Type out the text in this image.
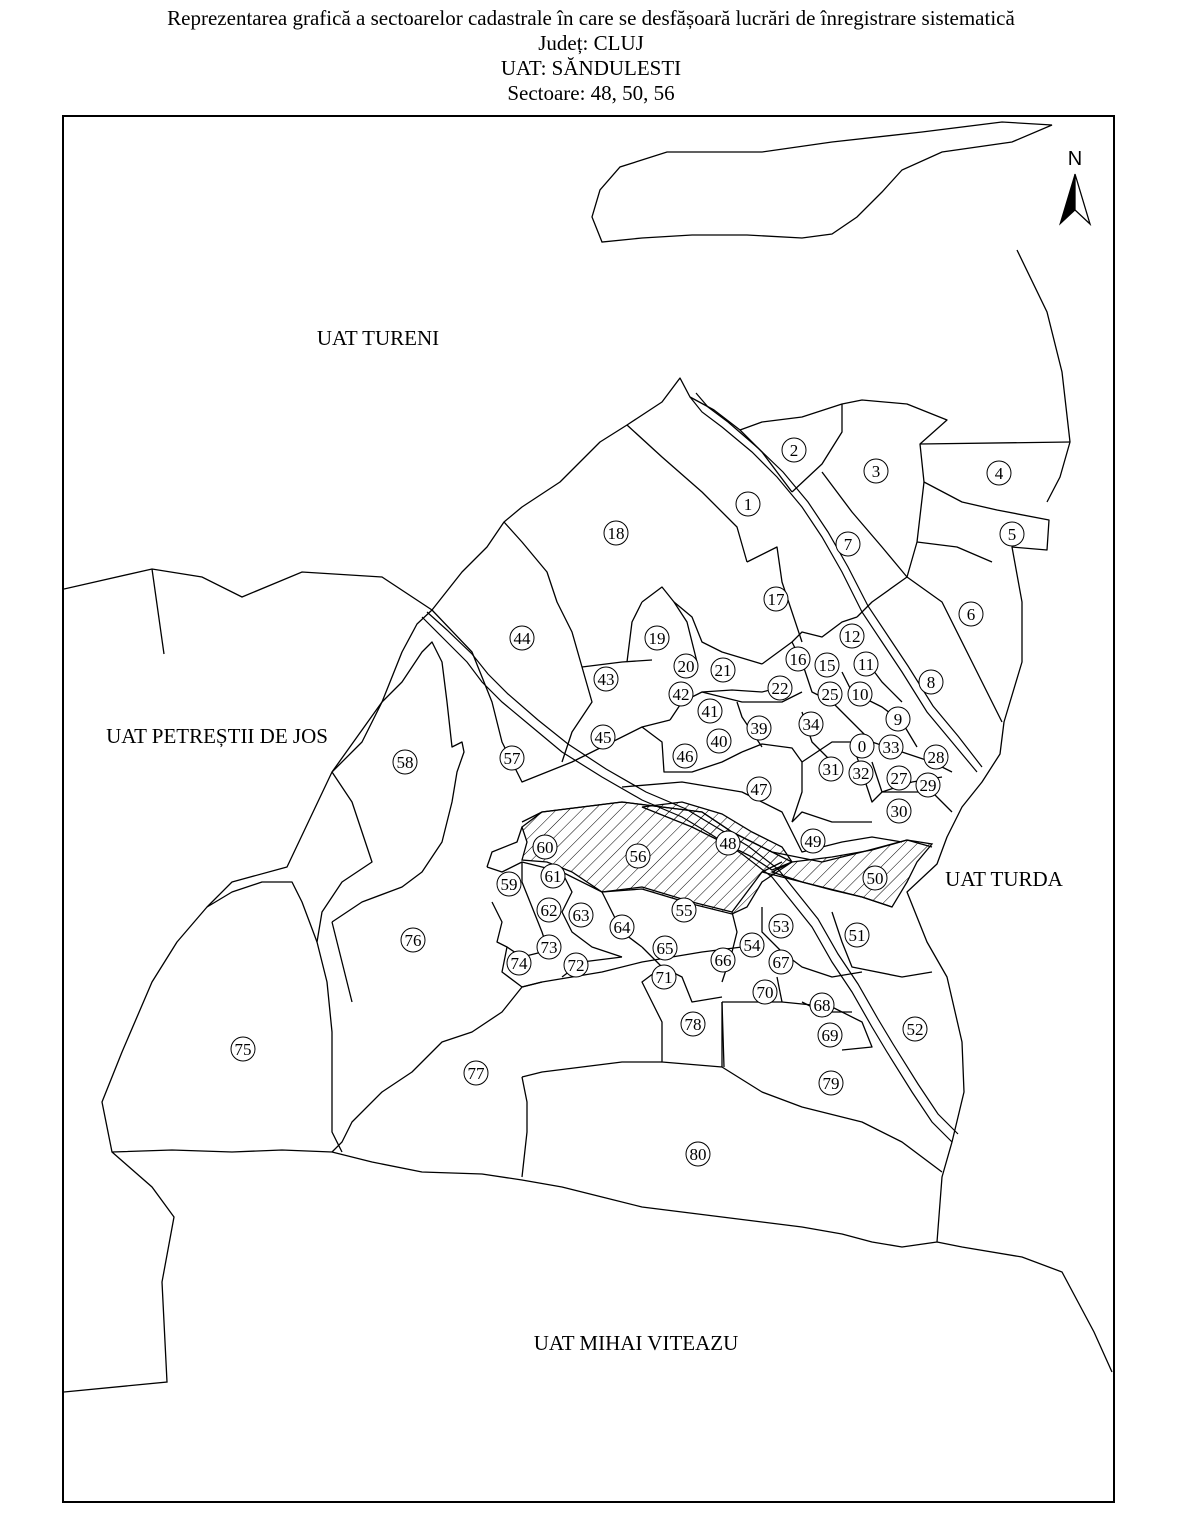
Reprezentarea grafică a sectoarelor cadastrale în care se desfășoară lucrări de înregistrare sistematică

Județ: CLUJ

UAT: SĂNDULESTI

Sectoare: 48, 50, 56

N
UAT TURENI
UAT PETREȘTII DE JOS
UAT TURDA
UAT MIHAI VITEAZU
1
2
3	4
5
6
7
8
9
10
11
12
15
16
17
18
19
20 21
22 25
27
28
29
30
31 32
33
34
0
39
40
41
42
43
44
45
46
47
48	49
50
51
52
53
54
55
56
57
58
59
60
61
62 63
64
65
66 67
68
69
70
71
72
73
74
75
76
77
78
79
80
